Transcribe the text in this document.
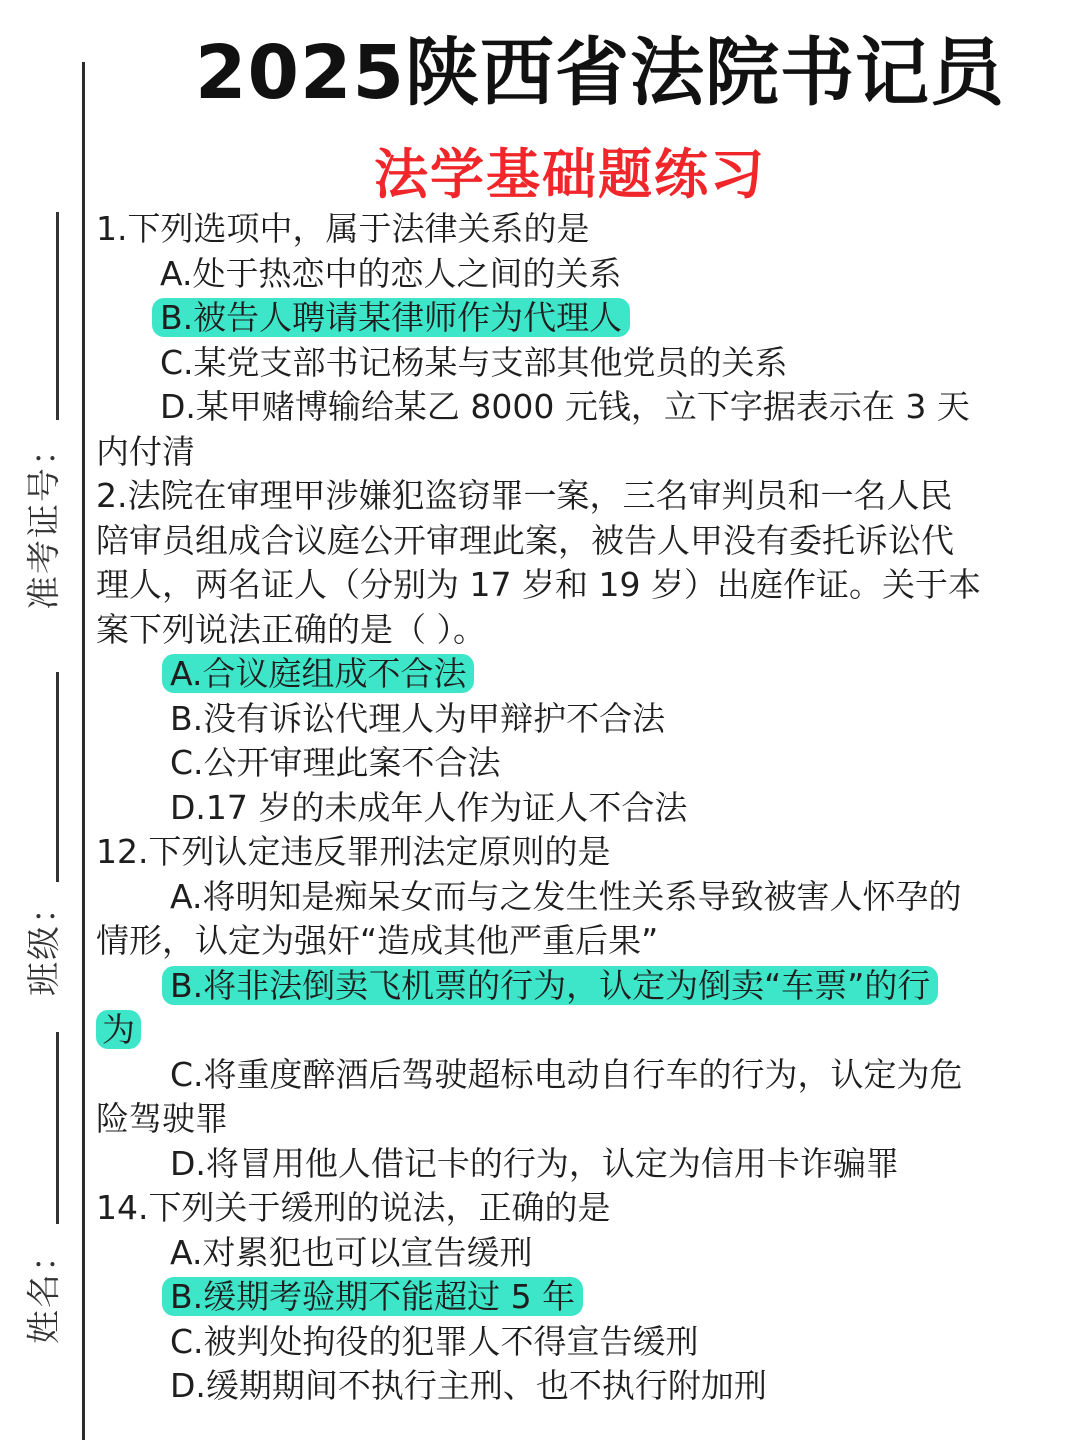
准考证号：
班级：
姓名：
2025陕西省法院书记员
法学基础题练习
1.下列选项中，属于法律关系的是
A.处于热恋中的恋人之间的关系
B.被告人聘请某律师作为代理人
C.某党支部书记杨某与支部其他党员的关系
D.某甲赌博输给某乙 8000 元钱，立下字据表示在 3 天
内付清
2.法院在审理甲涉嫌犯盗窃罪一案，三名审判员和一名人民
陪审员组成合议庭公开审理此案，被告人甲没有委托诉讼代
理人，两名证人（分别为 17 岁和 19 岁）出庭作证。关于本
案下列说法正确的是（ ）。
A.合议庭组成不合法
B.没有诉讼代理人为甲辩护不合法
C.公开审理此案不合法
D.17 岁的未成年人作为证人不合法
12.下列认定违反罪刑法定原则的是
A.将明知是痴呆女而与之发生性关系导致被害人怀孕的
情形，认定为强奸“造成其他严重后果”
B.将非法倒卖飞机票的行为，认定为倒卖“车票”的行
为
C.将重度醉酒后驾驶超标电动自行车的行为，认定为危
险驾驶罪
D.将冒用他人借记卡的行为，认定为信用卡诈骗罪
14.下列关于缓刑的说法，正确的是
A.对累犯也可以宣告缓刑
B.缓期考验期不能超过 5 年
C.被判处拘役的犯罪人不得宣告缓刑
D.缓期期间不执行主刑、也不执行附加刑
